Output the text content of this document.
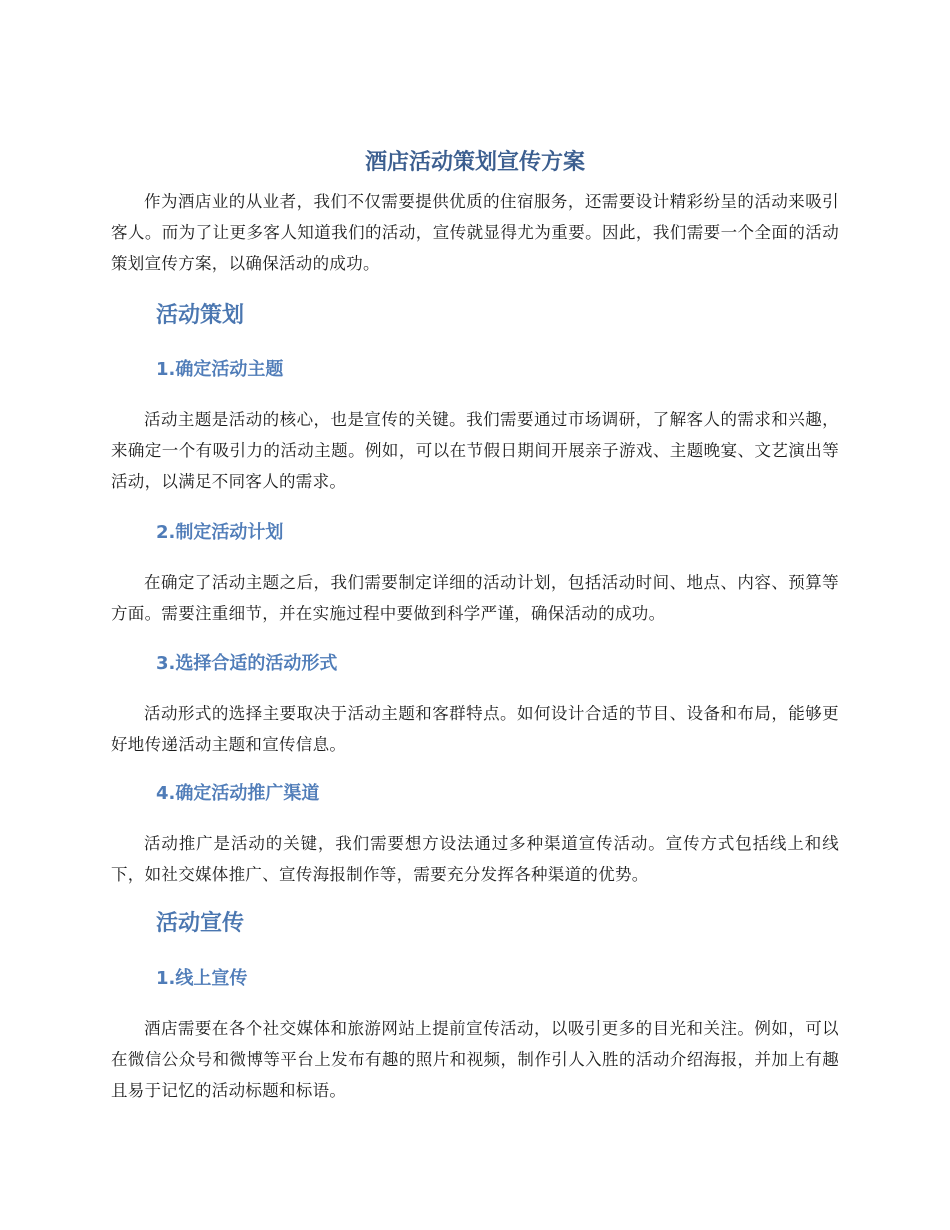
酒店活动策划宣传方案

作为酒店业的从业者，我们不仅需要提供优质的住宿服务，还需要设计精彩纷呈的活动来吸引客人。而为了让更多客人知道我们的活动，宣传就显得尤为重要。因此，我们需要一个全面的活动策划宣传方案，以确保活动的成功。

活动策划
1.确定活动主题

活动主题是活动的核心，也是宣传的关键。我们需要通过市场调研，了解客人的需求和兴趣，来确定一个有吸引力的活动主题。例如，可以在节假日期间开展亲子游戏、主题晚宴、文艺演出等活动，以满足不同客人的需求。

2.制定活动计划

在确定了活动主题之后，我们需要制定详细的活动计划，包括活动时间、地点、内容、预算等方面。需要注重细节，并在实施过程中要做到科学严谨，确保活动的成功。

3.选择合适的活动形式

活动形式的选择主要取决于活动主题和客群特点。如何设计合适的节目、设备和布局，能够更好地传递活动主题和宣传信息。

4.确定活动推广渠道

活动推广是活动的关键，我们需要想方设法通过多种渠道宣传活动。宣传方式包括线上和线下，如社交媒体推广、宣传海报制作等，需要充分发挥各种渠道的优势。

活动宣传
1.线上宣传

酒店需要在各个社交媒体和旅游网站上提前宣传活动，以吸引更多的目光和关注。例如，可以在微信公众号和微博等平台上发布有趣的照片和视频，制作引人入胜的活动介绍海报，并加上有趣且易于记忆的活动标题和标语。
